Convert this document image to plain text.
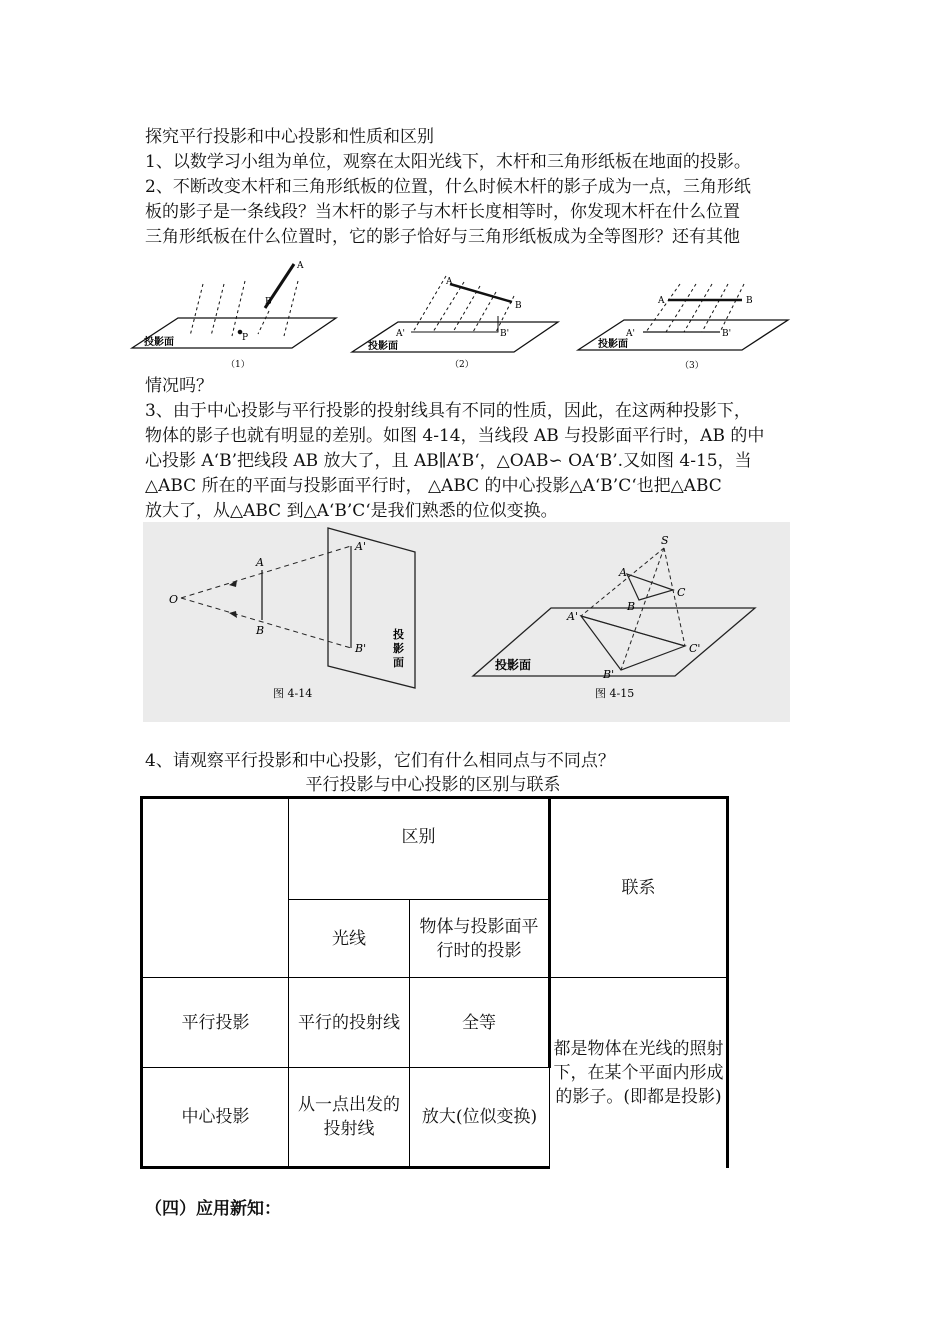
探究平行投影和中心投影和性质和区别
1、以数学习小组为单位，观察在太阳光线下，木杆和三角形纸板在地面的投影。
2、不断改变木杆和三角形纸板的位置，什么时候木杆的影子成为一点，三角形纸
板的影子是一条线段？当木杆的影子与木杆长度相等时，你发现木杆在什么位置
三角形纸板在什么位置时，它的影子恰好与三角形纸板成为全等图形？还有其他
A
B
P
投影面
（1）
A
B
A'	B'
投影面
（2）
A	B
A'	B'
投影面
（3）
情况吗？
3、由于中心投影与平行投影的投射线具有不同的性质，因此，在这两种投影下，
物体的影子也就有明显的差别。如图 4-14，当线段 AB 与投影面平行时，AB 的中
心投影 A‘B’把线段 AB 放大了，且 AB∥A’B‘，△OAB∽ OA‘B’.又如图 4-15，当
△ABC 所在的平面与投影面平行时， △ABC 的中心投影△A‘B’C‘也把△ABC
放大了，从△ABC 到△A‘B’C‘是我们熟悉的位似变换。
O
A
B
A'
B'
投
影
面
图 4-14
S
A
B
C
A'
B'
C'
投影面
图 4-15
4、请观察平行投影和中心投影，它们有什么相同点与不同点？
平行投影与中心投影的区别与联系
	区别		联系
	光线	物体与投影面平行时的投影	
平行投影	平行的投射线	全等	都是物体在光线的照射下，在某个平面内形成的影子。(即都是投影)
中心投影	从一点出发的投射线	放大(位似变换)	
（四）应用新知：
